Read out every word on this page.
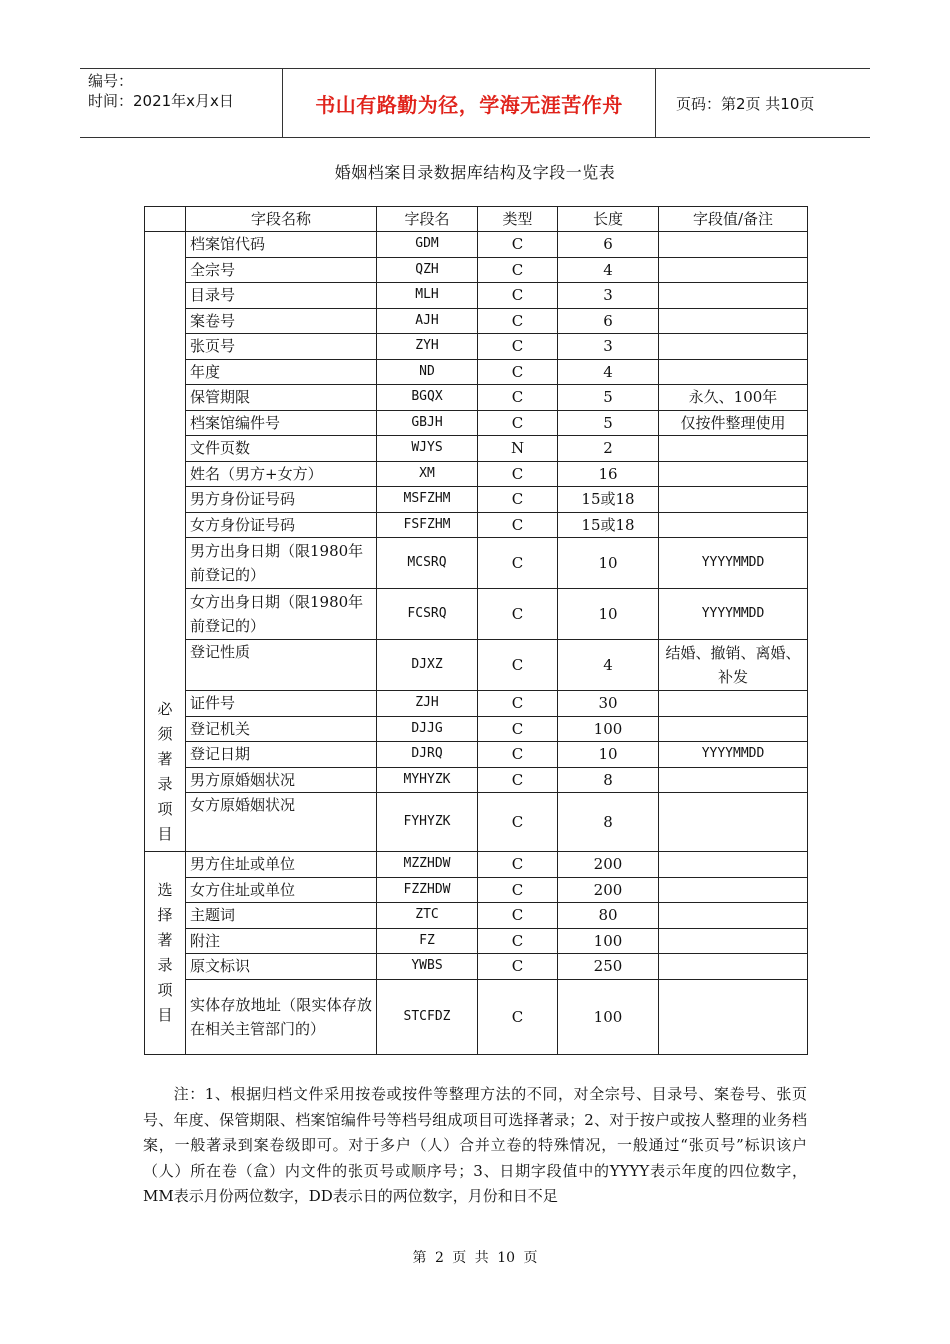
编号：
时间：2021年x月x日	书山有路勤为径，学海无涯苦作舟	页码：第2页 共10页
婚姻档案目录数据库结构及字段一览表
	字段名称	字段名	类型	长度	字段值/备注
必须著录项目	档案馆代码	GDM	C	6	
	全宗号	QZH	C	4	
	目录号	MLH	C	3	
	案卷号	AJH	C	6	
	张页号	ZYH	C	3	
	年度	ND	C	4	
	保管期限	BGQX	C	5	永久、100年
	档案馆编件号	GBJH	C	5	仅按件整理使用
	文件页数	WJYS	N	2	
	姓名（男方+女方）	XM	C	16	
	男方身份证号码	MSFZHM	C	15或18	
	女方身份证号码	FSFZHM	C	15或18	
	男方出身日期（限1980年前登记的）	MCSRQ	C	10	YYYYMMDD
	女方出身日期（限1980年前登记的）	FCSRQ	C	10	YYYYMMDD
	登记性质	DJXZ	C	4	结婚、撤销、离婚、补发
	证件号	ZJH	C	30	
	登记机关	DJJG	C	100	
	登记日期	DJRQ	C	10	YYYYMMDD
	男方原婚姻状况	MYHYZK	C	8	
	女方原婚姻状况	FYHYZK	C	8	
选择著录项目	男方住址或单位	MZZHDW	C	200	
	女方住址或单位	FZZHDW	C	200	
	主题词	ZTC	C	80	
	附注	FZ	C	100	
	原文标识	YWBS	C	250	
	实体存放地址（限实体存放在相关主管部门的）	STCFDZ	C	100	
注：1、根据归档文件采用按卷或按件等整理方法的不同，对全宗号、目录号、案卷号、张页号、年度、保管期限、档案馆编件号等档号组成项目可选择著录；2、对于按户或按人整理的业务档案，一般著录到案卷级即可。对于多户（人）合并立卷的特殊情况，一般通过“张页号”标识该户（人）所在卷（盒）内文件的张页号或顺序号；3、日期字段值中的YYYY表示年度的四位数字，MM表示月份两位数字，DD表示日的两位数字，月份和日不足
第 2 页 共 10 页
